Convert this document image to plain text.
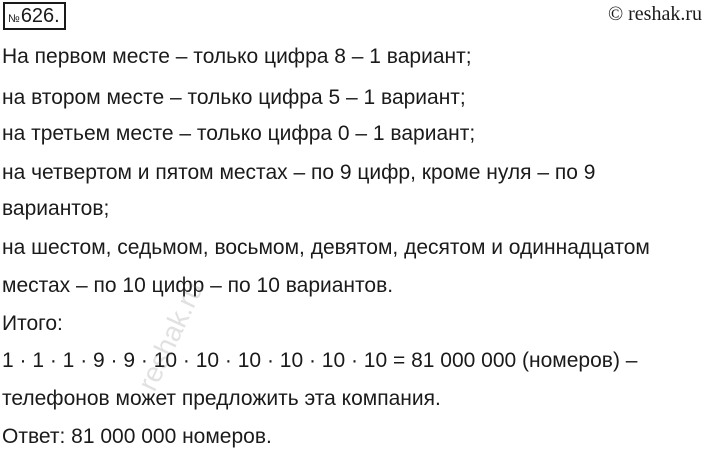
№ 626.	© reshak.ru
На первом месте – только цифра 8 – 1 вариант;
на втором месте – только цифра 5 – 1 вариант;
на третьем месте – только цифра 0 – 1 вариант;
на четвертом и пятом местах – по 9 цифр, кроме нуля – по 9
вариантов;
на шестом, седьмом, восьмом, девятом, десятом и одиннадцатом
местах – по 10 цифр – по 10 вариантов.
Итого:
1 · 1 · 1 · 9 · 9 · 10 · 10 · 10 · 10 · 10 · 10 = 81 000 000 (номеров) –
телефонов может предложить эта компания.
Ответ: 81 000 000 номеров.
reshak.ru
